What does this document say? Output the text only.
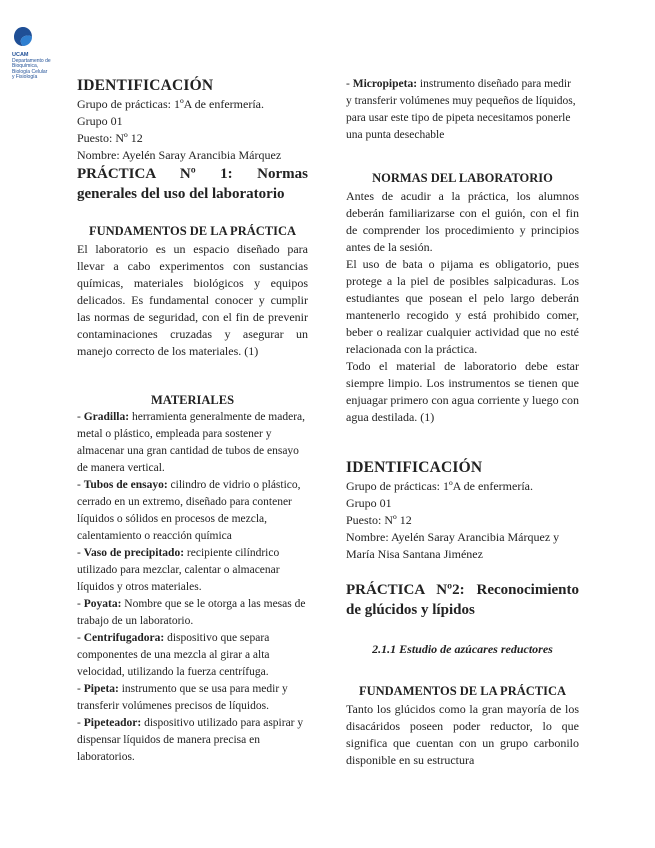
UCAM
Departamento de
Bioquímica,
Biología Celular
y Fisiología	IDENTIFICACIÓN

Grupo de prácticas: 1ºA de enfermería.

Grupo 01

Puesto: Nº 12

Nombre: Ayelén Saray Arancibia Márquez

PRÁCTICA Nº 1: Normas generales del uso del laboratorio
FUNDAMENTOS DE LA PRÁCTICA

El laboratorio es un espacio diseñado para llevar a cabo experimentos con sustancias químicas, materiales biológicos y equipos delicados. Es fundamental conocer y cumplir las normas de seguridad, con el fin de prevenir contaminaciones cruzadas y asegurar un manejo correcto de los materiales. (1)

MATERIALES

- Gradilla: herramienta generalmente de madera, metal o plástico, empleada para sostener y almacenar una gran cantidad de tubos de ensayo de manera vertical.

- Tubos de ensayo: cilindro de vidrio o plástico, cerrado en un extremo, diseñado para contener líquidos o sólidos en procesos de mezcla, calentamiento o reacción química

- Vaso de precipitado: recipiente cilíndrico utilizado para mezclar, calentar o almacenar líquidos y otros materiales.

- Poyata: Nombre que se le otorga a las mesas de trabajo de un laboratorio.

- Centrifugadora: dispositivo que separa componentes de una mezcla al girar a alta velocidad, utilizando la fuerza centrífuga.

- Pipeta: instrumento que se usa para medir y transferir volúmenes precisos de líquidos.

- Pipeteador: dispositivo utilizado para aspirar y dispensar líquidos de manera precisa en laboratorios.

- Micropipeta: instrumento diseñado para medir y transferir volúmenes muy pequeños de líquidos, para usar este tipo de pipeta necesitamos ponerle una punta desechable

NORMAS DEL LABORATORIO

Antes de acudir a la práctica, los alumnos deberán familiarizarse con el guión, con el fin de comprender los procedimiento y principios antes de la sesión.

El uso de bata o pijama es obligatorio, pues protege a la piel de posibles salpicaduras. Los estudiantes que posean el pelo largo deberán mantenerlo recogido y está prohibido comer, beber o realizar cualquier actividad que no esté relacionada con la práctica.

Todo el material de laboratorio debe estar siempre limpio. Los instrumentos se tienen que enjuagar primero con agua corriente y luego con agua destilada. (1)

IDENTIFICACIÓN

Grupo de prácticas: 1ºA de enfermería.

Grupo 01

Puesto: Nº 12

Nombre: Ayelén Saray Arancibia Márquez y María Nisa Santana Jiménez

PRÁCTICA Nº2: Reconocimiento de glúcidos y lípidos
2.1.1 Estudio de azúcares reductores
FUNDAMENTOS DE LA PRÁCTICA

Tanto los glúcidos como la gran mayoría de los disacáridos poseen poder reductor, lo que significa que cuentan con un grupo carbonilo disponible en su estructura
